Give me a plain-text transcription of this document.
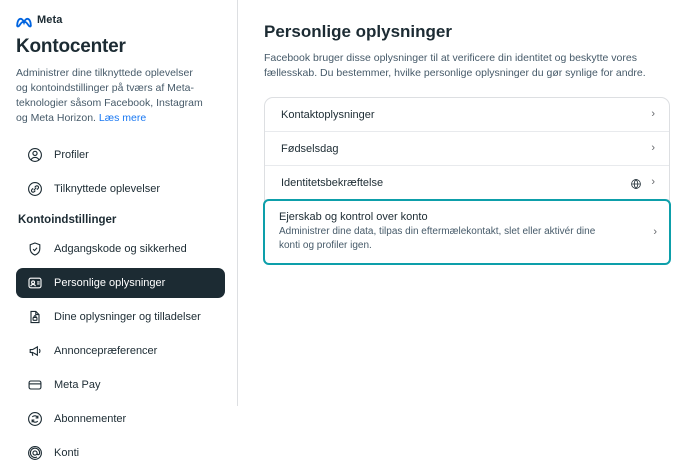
Meta
Kontocenter

Administrer dine tilknyttede oplevelser og kontoindstillinger på tværs af Meta-teknologier såsom Facebook, Instagram og Meta Horizon. Læs mere

Profiler
Tilknyttede oplevelser
Kontoindstillinger
Adgangskode og sikkerhed
Personlige oplysninger
Dine oplysninger og tilladelser
Annoncepræferencer
Meta Pay
Abonnementer
Konti
Personlige oplysninger

Facebook bruger disse oplysninger til at verificere din identitet og beskytte vores fællesskab. Du bestemmer, hvilke personlige oplysninger du gør synlige for andre.

Kontaktoplysninger	›
Fødselsdag	›
Identitetsbekræftelse	›
Ejerskab og kontrol over konto
Administrer dine data, tilpas din eftermælekontakt, slet eller aktivér dine konti og profiler igen.
›
